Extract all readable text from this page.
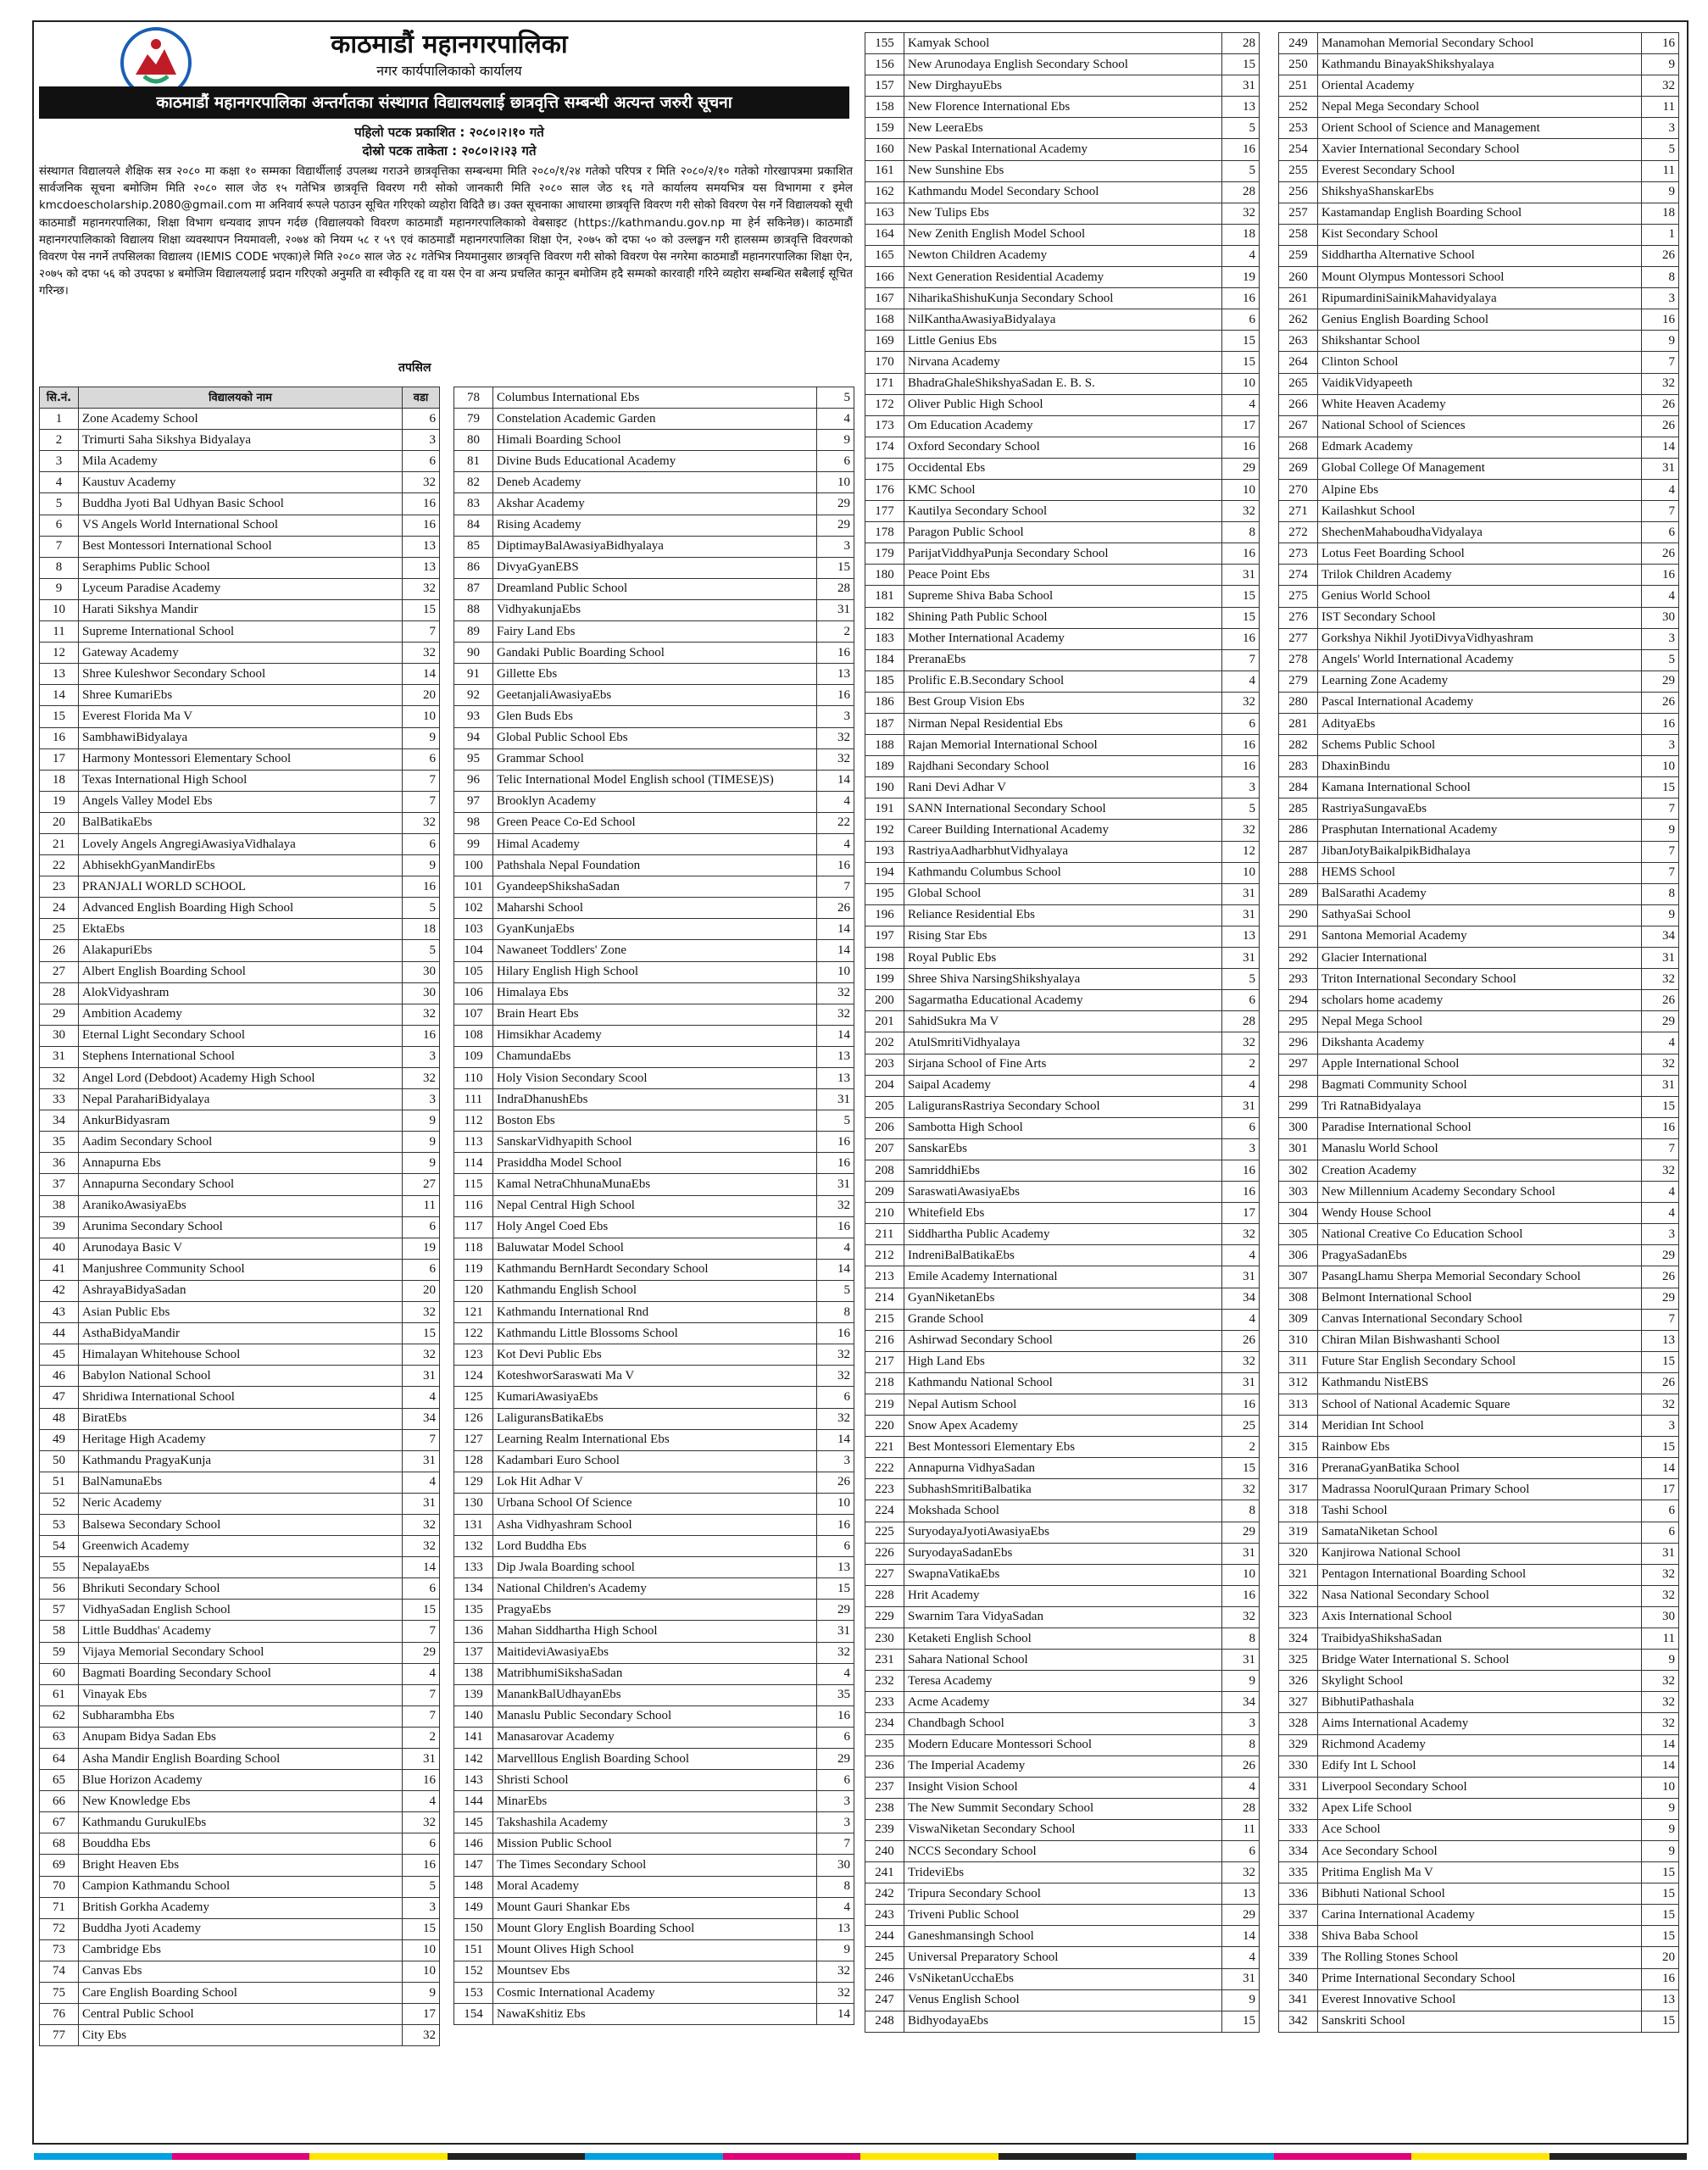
काठमाडौं महानगरपालिका
नगर कार्यपालिकाको कार्यालय
काठमाडौं महानगरपालिका अन्तर्गतका संस्थागत विद्यालयलाई छात्रवृत्ति सम्बन्धी अत्यन्त जरुरी सूचना
पहिलो पटक प्रकाशित : २०८०।२।१० गते
दोस्रो पटक ताकेता : २०८०।२।२३ गते
संस्थागत विद्यालयले शैक्षिक सत्र २०८० मा कक्षा १० सम्मका विद्यार्थीलाई उपलब्ध गराउने छात्रवृत्तिका सम्बन्धमा मिति २०८०/१/२४ गतेको परिपत्र र मिति २०८०/२/१० गतेको गोरखापत्रमा प्रकाशित सार्वजनिक सूचना बमोजिम मिति २०८० साल जेठ १५ गतेभित्र छात्रवृत्ति विवरण गरी सोको जानकारी मिति २०८० साल जेठ १६ गते कार्यालय समयभित्र यस विभागमा र इमेल kmcdoescholarship.2080@gmail.com मा अनिवार्य रूपले पठाउन सूचित गरिएको व्यहोरा विदितै छ। उक्त सूचनाका आधारमा छात्रवृत्ति विवरण गरी सोको विवरण पेस गर्ने विद्यालयको सूची काठमाडौं महानगरपालिका, शिक्षा विभाग धन्यवाद ज्ञापन गर्दछ (विद्यालयको विवरण काठमाडौं महानगरपालिकाको वेबसाइट (https://kathmandu.gov.np मा हेर्न सकिनेछ)। काठमाडौं महानगरपालिकाको विद्यालय शिक्षा व्यवस्थापन नियमावली, २०७४ को नियम ५८ र ५९ एवं काठमाडौं महानगरपालिका शिक्षा ऐन, २०७५ को दफा ५० को उल्लङ्घन गरी हालसम्म छात्रवृत्ति विवरणको विवरण पेस नगर्ने तपसिलका विद्यालय (IEMIS CODE भएका)ले मिति २०८० साल जेठ २८ गतेभित्र नियमानुसार छात्रवृत्ति विवरण गरी सोको विवरण पेस नगरेमा काठमाडौं महानगरपालिका शिक्षा ऐन, २०७५ को दफा ५६ को उपदफा ४ बमोजिम विद्यालयलाई प्रदान गरिएको अनुमति वा स्वीकृति रद्द वा यस ऐन वा अन्य प्रचलित कानून बमोजिम हदै सम्मको कारवाही गरिने व्यहोरा सम्बन्धित सबैलाई सूचित गरिन्छ।
तपसिल
सि.नं.	विद्यालयको नाम	वडा
1	Zone Academy School	6
2	Trimurti Saha Sikshya Bidyalaya	3
3	Mila Academy	6
4	Kaustuv Academy	32
5	Buddha Jyoti Bal Udhyan Basic School	16
6	VS Angels World International School	16
7	Best Montessori International School	13
8	Seraphims Public School	13
9	Lyceum Paradise Academy	32
10	Harati Sikshya Mandir	15
11	Supreme International School	7
12	Gateway Academy	32
13	Shree Kuleshwor Secondary School	14
14	Shree KumariEbs	20
15	Everest Florida Ma V	10
16	SambhawiBidyalaya	9
17	Harmony Montessori Elementary School	6
18	Texas International High School	7
19	Angels Valley Model Ebs	7
20	BalBatikaEbs	32
21	Lovely Angels AngregiAwasiyaVidhalaya	6
22	AbhisekhGyanMandirEbs	9
23	PRANJALI WORLD SCHOOL	16
24	Advanced English Boarding High School	5
25	EktaEbs	18
26	AlakapuriEbs	5
27	Albert English Boarding School	30
28	AlokVidyashram	30
29	Ambition Academy	32
30	Eternal Light Secondary School	16
31	Stephens International School	3
32	Angel Lord (Debdoot) Academy High School	32
33	Nepal ParahariBidyalaya	3
34	AnkurBidyasram	9
35	Aadim Secondary School	9
36	Annapurna Ebs	9
37	Annapurna Secondary School	27
38	AranikoAwasiyaEbs	11
39	Arunima Secondary School	6
40	Arunodaya Basic V	19
41	Manjushree Community School	6
42	AshrayaBidyaSadan	20
43	Asian Public Ebs	32
44	AsthaBidyaMandir	15
45	Himalayan Whitehouse School	32
46	Babylon National School	31
47	Shridiwa International School	4
48	BiratEbs	34
49	Heritage High Academy	7
50	Kathmandu PragyaKunja	31
51	BalNamunaEbs	4
52	Neric Academy	31
53	Balsewa Secondary School	32
54	Greenwich Academy	32
55	NepalayaEbs	14
56	Bhrikuti Secondary School	6
57	VidhyaSadan English School	15
58	Little Buddhas' Academy	7
59	Vijaya Memorial Secondary School	29
60	Bagmati Boarding Secondary School	4
61	Vinayak Ebs	7
62	Subharambha Ebs	7
63	Anupam Bidya Sadan Ebs	2
64	Asha Mandir English Boarding School	31
65	Blue Horizon Academy	16
66	New Knowledge Ebs	4
67	Kathmandu GurukulEbs	32
68	Bouddha Ebs	6
69	Bright Heaven Ebs	16
70	Campion Kathmandu School	5
71	British Gorkha Academy	3
72	Buddha Jyoti Academy	15
73	Cambridge Ebs	10
74	Canvas Ebs	10
75	Care English Boarding School	9
76	Central Public School	17
77	City Ebs	32
78	Columbus International Ebs	5
79	Constelation Academic Garden	4
80	Himali Boarding School	9
81	Divine Buds Educational Academy	6
82	Deneb Academy	10
83	Akshar Academy	29
84	Rising Academy	29
85	DiptimayBalAwasiyaBidhyalaya	3
86	DivyaGyanEBS	15
87	Dreamland Public School	28
88	VidhyakunjaEbs	31
89	Fairy Land Ebs	2
90	Gandaki Public Boarding School	16
91	Gillette Ebs	13
92	GeetanjaliAwasiyaEbs	16
93	Glen Buds Ebs	3
94	Global Public School Ebs	32
95	Grammar School	32
96	Telic International Model English school (TIMESE)S)	14
97	Brooklyn Academy	4
98	Green Peace Co-Ed School	22
99	Himal Academy	4
100	Pathshala Nepal Foundation	16
101	GyandeepShikshaSadan	7
102	Maharshi School	26
103	GyanKunjaEbs	14
104	Nawaneet Toddlers' Zone	14
105	Hilary English High School	10
106	Himalaya Ebs	32
107	Brain Heart Ebs	32
108	Himsikhar Academy	14
109	ChamundaEbs	13
110	Holy Vision Secondary Scool	13
111	IndraDhanushEbs	31
112	Boston Ebs	5
113	SanskarVidhyapith School	16
114	Prasiddha Model School	16
115	Kamal NetraChhunaMunaEbs	31
116	Nepal Central High School	32
117	Holy Angel Coed Ebs	16
118	Baluwatar Model School	4
119	Kathmandu BernHardt Secondary School	14
120	Kathmandu English School	5
121	Kathmandu International Rnd	8
122	Kathmandu Little Blossoms School	16
123	Kot Devi Public Ebs	32
124	KoteshworSaraswati Ma V	32
125	KumariAwasiyaEbs	6
126	LaliguransBatikaEbs	32
127	Learning Realm International Ebs	14
128	Kadambari Euro School	3
129	Lok Hit Adhar V	26
130	Urbana School Of Science	10
131	Asha Vidhyashram School	16
132	Lord Buddha Ebs	6
133	Dip Jwala Boarding school	13
134	National Children's Academy	15
135	PragyaEbs	29
136	Mahan Siddhartha High School	31
137	MaitideviAwasiyaEbs	32
138	MatribhumiSikshaSadan	4
139	ManankBalUdhayanEbs	35
140	Manaslu Public Secondary School	16
141	Manasarovar Academy	6
142	Marvelllous English Boarding School	29
143	Shristi School	6
144	MinarEbs	3
145	Takshashila Academy	3
146	Mission Public School	7
147	The Times Secondary School	30
148	Moral Academy	8
149	Mount Gauri Shankar Ebs	4
150	Mount Glory English Boarding School	13
151	Mount Olives High School	9
152	Mountsev Ebs	32
153	Cosmic International Academy	32
154	NawaKshitiz Ebs	14
155	Kamyak School	28
156	New Arunodaya English Secondary School	15
157	New DirghayuEbs	31
158	New Florence International Ebs	13
159	New LeeraEbs	5
160	New Paskal International Academy	16
161	New Sunshine Ebs	5
162	Kathmandu Model Secondary School	28
163	New Tulips Ebs	32
164	New Zenith English Model School	18
165	Newton Children Academy	4
166	Next Generation Residential Academy	19
167	NiharikaShishuKunja Secondary School	16
168	NilKanthaAwasiyaBidyalaya	6
169	Little Genius Ebs	15
170	Nirvana Academy	15
171	BhadraGhaleShikshyaSadan E. B. S.	10
172	Oliver Public High School	4
173	Om Education Academy	17
174	Oxford Secondary School	16
175	Occidental Ebs	29
176	KMC School	10
177	Kautilya Secondary School	32
178	Paragon Public School	8
179	ParijatViddhyaPunja Secondary School	16
180	Peace Point Ebs	31
181	Supreme Shiva Baba School	15
182	Shining Path Public School	15
183	Mother International Academy	16
184	PreranaEbs	7
185	Prolific E.B.Secondary School	4
186	Best Group Vision Ebs	32
187	Nirman Nepal Residential Ebs	6
188	Rajan Memorial International School	16
189	Rajdhani Secondary School	16
190	Rani Devi Adhar V	3
191	SANN International Secondary School	5
192	Career Building International Academy	32
193	RastriyaAadharbhutVidhyalaya	12
194	Kathmandu Columbus School	10
195	Global School	31
196	Reliance Residential Ebs	31
197	Rising Star Ebs	13
198	Royal Public Ebs	31
199	Shree Shiva NarsingShikshyalaya	5
200	Sagarmatha Educational Academy	6
201	SahidSukra Ma V	28
202	AtulSmritiVidhyalaya	32
203	Sirjana School of Fine Arts	2
204	Saipal Academy	4
205	LaliguransRastriya Secondary School	31
206	Sambotta High School	6
207	SanskarEbs	3
208	SamriddhiEbs	16
209	SaraswatiAwasiyaEbs	16
210	Whitefield Ebs	17
211	Siddhartha Public Academy	32
212	IndreniBalBatikaEbs	4
213	Emile Academy International	31
214	GyanNiketanEbs	34
215	Grande School	4
216	Ashirwad Secondary School	26
217	High Land Ebs	32
218	Kathmandu National School	31
219	Nepal Autism School	16
220	Snow Apex Academy	25
221	Best Montessori Elementary Ebs	2
222	Annapurna VidhyaSadan	15
223	SubhashSmritiBalbatika	32
224	Mokshada School	8
225	SuryodayaJyotiAwasiyaEbs	29
226	SuryodayaSadanEbs	31
227	SwapnaVatikaEbs	10
228	Hrit Academy	16
229	Swarnim Tara VidyaSadan	32
230	Ketaketi English School	8
231	Sahara National School	31
232	Teresa Academy	9
233	Acme Academy	34
234	Chandbagh School	3
235	Modern Educare Montessori School	8
236	The Imperial Academy	26
237	Insight Vision School	4
238	The New Summit Secondary School	28
239	ViswaNiketan Secondary School	11
240	NCCS Secondary School	6
241	TrideviEbs	32
242	Tripura Secondary School	13
243	Triveni Public School	29
244	Ganeshmansingh School	14
245	Universal Preparatory School	4
246	VsNiketanUcchaEbs	31
247	Venus English School	9
248	BidhyodayaEbs	15
249	Manamohan Memorial Secondary School	16
250	Kathmandu BinayakShikshyalaya	9
251	Oriental Academy	32
252	Nepal Mega Secondary School	11
253	Orient School of Science and Management	3
254	Xavier International Secondary School	5
255	Everest Secondary School	11
256	ShikshyaShanskarEbs	9
257	Kastamandap English Boarding School	18
258	Kist Secondary School	1
259	Siddhartha Alternative School	26
260	Mount Olympus Montessori School	8
261	RipumardiniSainikMahavidyalaya	3
262	Genius English Boarding School	16
263	Shikshantar School	9
264	Clinton School	7
265	VaidikVidyapeeth	32
266	White Heaven Academy	26
267	National School of Sciences	26
268	Edmark Academy	14
269	Global College Of Management	31
270	Alpine Ebs	4
271	Kailashkut School	7
272	ShechenMahaboudhaVidyalaya	6
273	Lotus Feet Boarding School	26
274	Trilok Children Academy	16
275	Genius World School	4
276	IST Secondary School	30
277	Gorkshya Nikhil JyotiDivyaVidhyashram	3
278	Angels' World International Academy	5
279	Learning Zone Academy	29
280	Pascal International Academy	26
281	AdityaEbs	16
282	Schems Public School	3
283	DhaxinBindu	10
284	Kamana International School	15
285	RastriyaSungavaEbs	7
286	Prasphutan International Academy	9
287	JibanJotyBaikalpikBidhalaya	7
288	HEMS School	7
289	BalSarathi Academy	8
290	SathyaSai School	9
291	Santona Memorial Academy	34
292	Glacier International	31
293	Triton International Secondary School	32
294	scholars home academy	26
295	Nepal Mega School	29
296	Dikshanta Academy	4
297	Apple International School	32
298	Bagmati Community School	31
299	Tri RatnaBidyalaya	15
300	Paradise International School	16
301	Manaslu World School	7
302	Creation Academy	32
303	New Millennium Academy Secondary School	4
304	Wendy House School	4
305	National Creative Co Education School	3
306	PragyaSadanEbs	29
307	PasangLhamu Sherpa Memorial Secondary School	26
308	Belmont International School	29
309	Canvas International Secondary School	7
310	Chiran Milan Bishwashanti School	13
311	Future Star English Secondary School	15
312	Kathmandu NistEBS	26
313	School of National Academic Square	32
314	Meridian Int School	3
315	Rainbow Ebs	15
316	PreranaGyanBatika School	14
317	Madrassa NoorulQuraan Primary School	17
318	Tashi School	6
319	SamataNiketan School	6
320	Kanjirowa National School	31
321	Pentagon International Boarding School	32
322	Nasa National Secondary School	32
323	Axis International School	30
324	TraibidyaShikshaSadan	11
325	Bridge Water International S. School	9
326	Skylight School	32
327	BibhutiPathashala	32
328	Aims International Academy	32
329	Richmond Academy	14
330	Edify Int L School	14
331	Liverpool Secondary School	10
332	Apex Life School	9
333	Ace School	9
334	Ace Secondary School	9
335	Pritima English Ma V	15
336	Bibhuti National School	15
337	Carina International Academy	15
338	Shiva Baba School	15
339	The Rolling Stones School	20
340	Prime International Secondary School	16
341	Everest Innovative School	13
342	Sanskriti School	15
